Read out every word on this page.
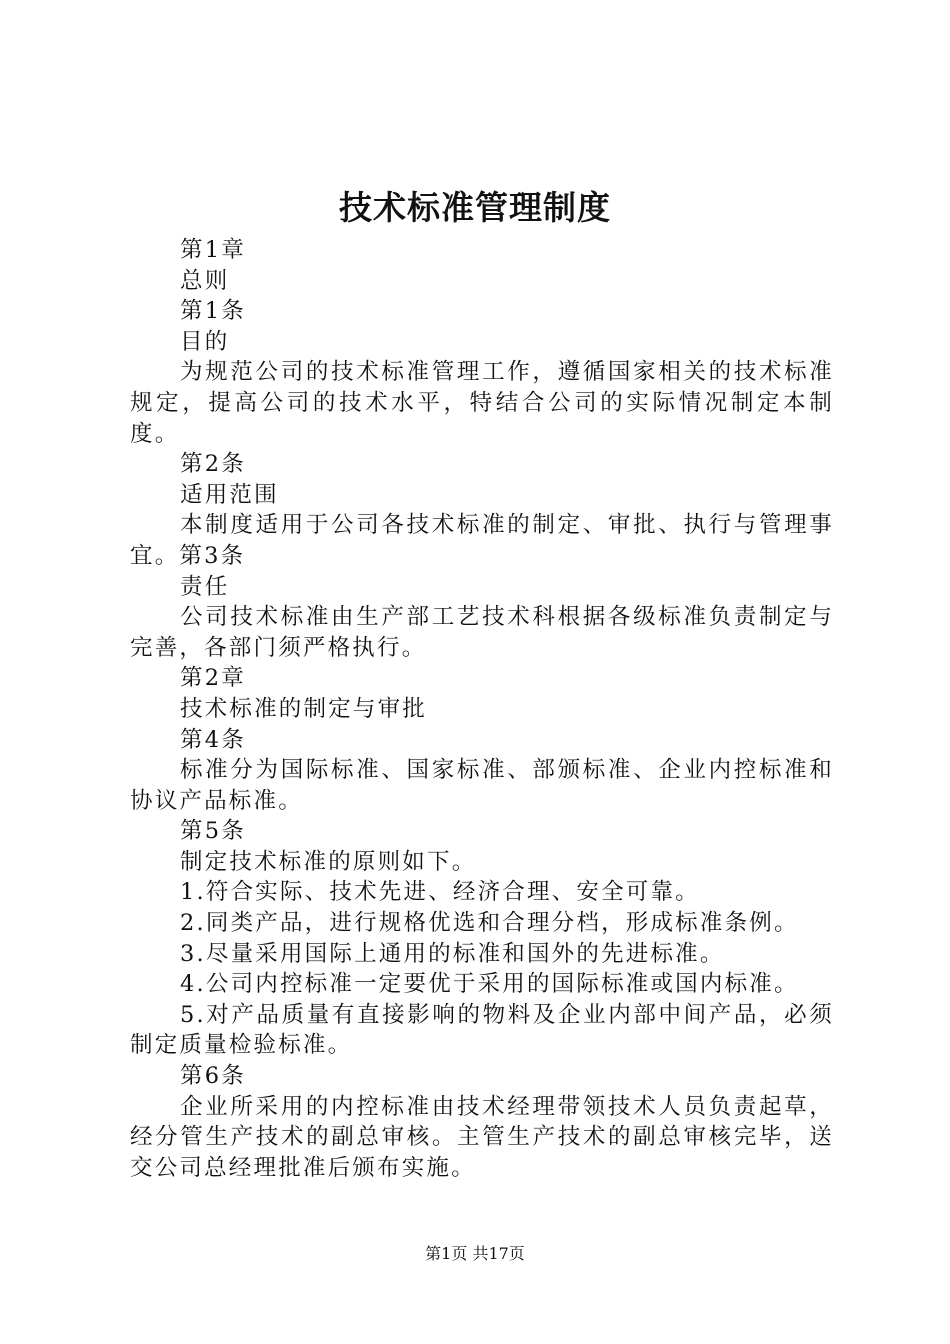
技术标准管理制度

第1章

总则

第1条

目的

为规范公司的技术标准管理工作，遵循国家相关的技术标准规定，提高公司的技术水平，特结合公司的实际情况制定本制度。

第2条

适用范围

本制度适用于公司各技术标准的制定、审批、执行与管理事宜。第3条

责任

公司技术标准由生产部工艺技术科根据各级标准负责制定与完善，各部门须严格执行。

第2章

技术标准的制定与审批

第4条

标准分为国际标准、国家标准、部颁标准、企业内控标准和协议产品标准。

第5条

制定技术标准的原则如下。

1.符合实际、技术先进、经济合理、安全可靠。

2.同类产品，进行规格优选和合理分档，形成标准条例。

3.尽量采用国际上通用的标准和国外的先进标准。

4.公司内控标准一定要优于采用的国际标准或国内标准。

5.对产品质量有直接影响的物料及企业内部中间产品，必须制定质量检验标准。

第6条

企业所采用的内控标准由技术经理带领技术人员负责起草，经分管生产技术的副总审核。主管生产技术的副总审核完毕，送交公司总经理批准后颁布实施。

第1页 共17页
